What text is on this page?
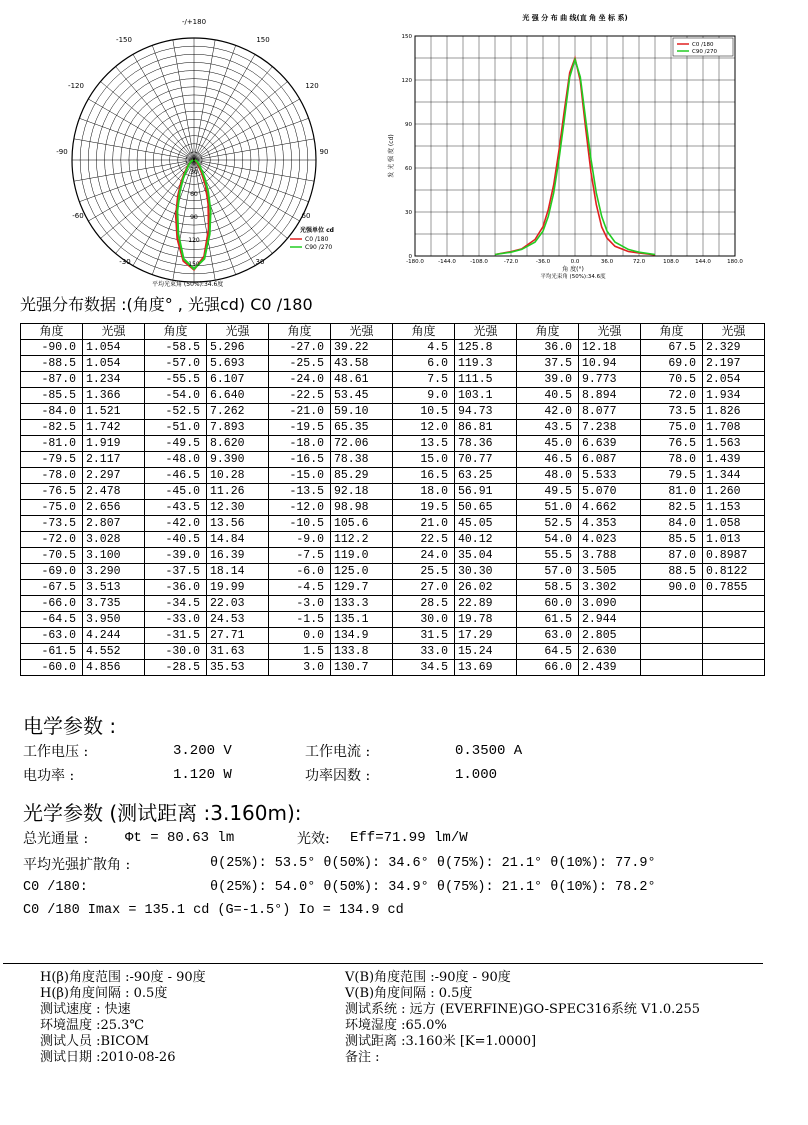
-/+180
-150	150
-120	120
-90	90
-60	60
-30	30
30
60
90
120
150
光强单位 cd
C0 /180
C90 /270
平均光束角 (50%):34.6度
光 强 分 布 曲 线(直 角 坐 标 系)
150
120
90
60
30
0
-180.0	-144.0	-108.0	-72.0	-36.0	0.0	36.0	72.0	108.0	144.0	180.0
发 光 强 度 (cd)
角 度(°)
平均光束角 (50%):34.6度
C0 /180
C90 /270
光强分布数据 :(角度° , 光强cd) C0 /180
角度	光强	角度	光强	角度	光强	角度	光强	角度	光强	角度	光强
-90.0	1.054	-58.5	5.296	-27.0	39.22	4.5	125.8	36.0	12.18	67.5	2.329
-88.5	1.054	-57.0	5.693	-25.5	43.58	6.0	119.3	37.5	10.94	69.0	2.197
-87.0	1.234	-55.5	6.107	-24.0	48.61	7.5	111.5	39.0	9.773	70.5	2.054
-85.5	1.366	-54.0	6.640	-22.5	53.45	9.0	103.1	40.5	8.894	72.0	1.934
-84.0	1.521	-52.5	7.262	-21.0	59.10	10.5	94.73	42.0	8.077	73.5	1.826
-82.5	1.742	-51.0	7.893	-19.5	65.35	12.0	86.81	43.5	7.238	75.0	1.708
-81.0	1.919	-49.5	8.620	-18.0	72.06	13.5	78.36	45.0	6.639	76.5	1.563
-79.5	2.117	-48.0	9.390	-16.5	78.38	15.0	70.77	46.5	6.087	78.0	1.439
-78.0	2.297	-46.5	10.28	-15.0	85.29	16.5	63.25	48.0	5.533	79.5	1.344
-76.5	2.478	-45.0	11.26	-13.5	92.18	18.0	56.91	49.5	5.070	81.0	1.260
-75.0	2.656	-43.5	12.30	-12.0	98.98	19.5	50.65	51.0	4.662	82.5	1.153
-73.5	2.807	-42.0	13.56	-10.5	105.6	21.0	45.05	52.5	4.353	84.0	1.058
-72.0	3.028	-40.5	14.84	-9.0	112.2	22.5	40.12	54.0	4.023	85.5	1.013
-70.5	3.100	-39.0	16.39	-7.5	119.0	24.0	35.04	55.5	3.788	87.0	0.8987
-69.0	3.290	-37.5	18.14	-6.0	125.0	25.5	30.30	57.0	3.505	88.5	0.8122
-67.5	3.513	-36.0	19.99	-4.5	129.7	27.0	26.02	58.5	3.302	90.0	0.7855
-66.0	3.735	-34.5	22.03	-3.0	133.3	28.5	22.89	60.0	3.090		
-64.5	3.950	-33.0	24.53	-1.5	135.1	30.0	19.78	61.5	2.944		
-63.0	4.244	-31.5	27.71	0.0	134.9	31.5	17.29	63.0	2.805		
-61.5	4.552	-30.0	31.63	1.5	133.8	33.0	15.24	64.5	2.630		
-60.0	4.856	-28.5	35.53	3.0	130.7	34.5	13.69	66.0	2.439		
电学参数 :
工作电压 :	3.200 V	工作电流 :	0.3500 A
电功率 :	1.120 W	功率因数 :	1.000
光学参数 (测试距离 :3.160m):
总光通量 :	Φt = 80.63 lm	光效: Eff=71.99 lm/W
平均光强扩散角 :	θ(25%): 53.5° θ(50%): 34.6° θ(75%): 21.1° θ(10%): 77.9°
C0 /180:	θ(25%): 54.0° θ(50%): 34.9° θ(75%): 21.1° θ(10%): 78.2°
C0 /180 Imax = 135.1 cd (G=-1.5°) Io = 134.9 cd
H(β)角度范围 :-90度 - 90度
H(β)角度间隔 : 0.5度
测试速度 : 快速
环境温度 :25.3℃
测试人员 :BICOM
测试日期 :2010-08-26
V(B)角度范围 :-90度 - 90度
V(B)角度间隔 : 0.5度
测试系统 : 远方 (EVERFINE)GO-SPEC316系统 V1.0.255
环境湿度 :65.0%
测试距离 :3.160米 [K=1.0000]
备注 :
